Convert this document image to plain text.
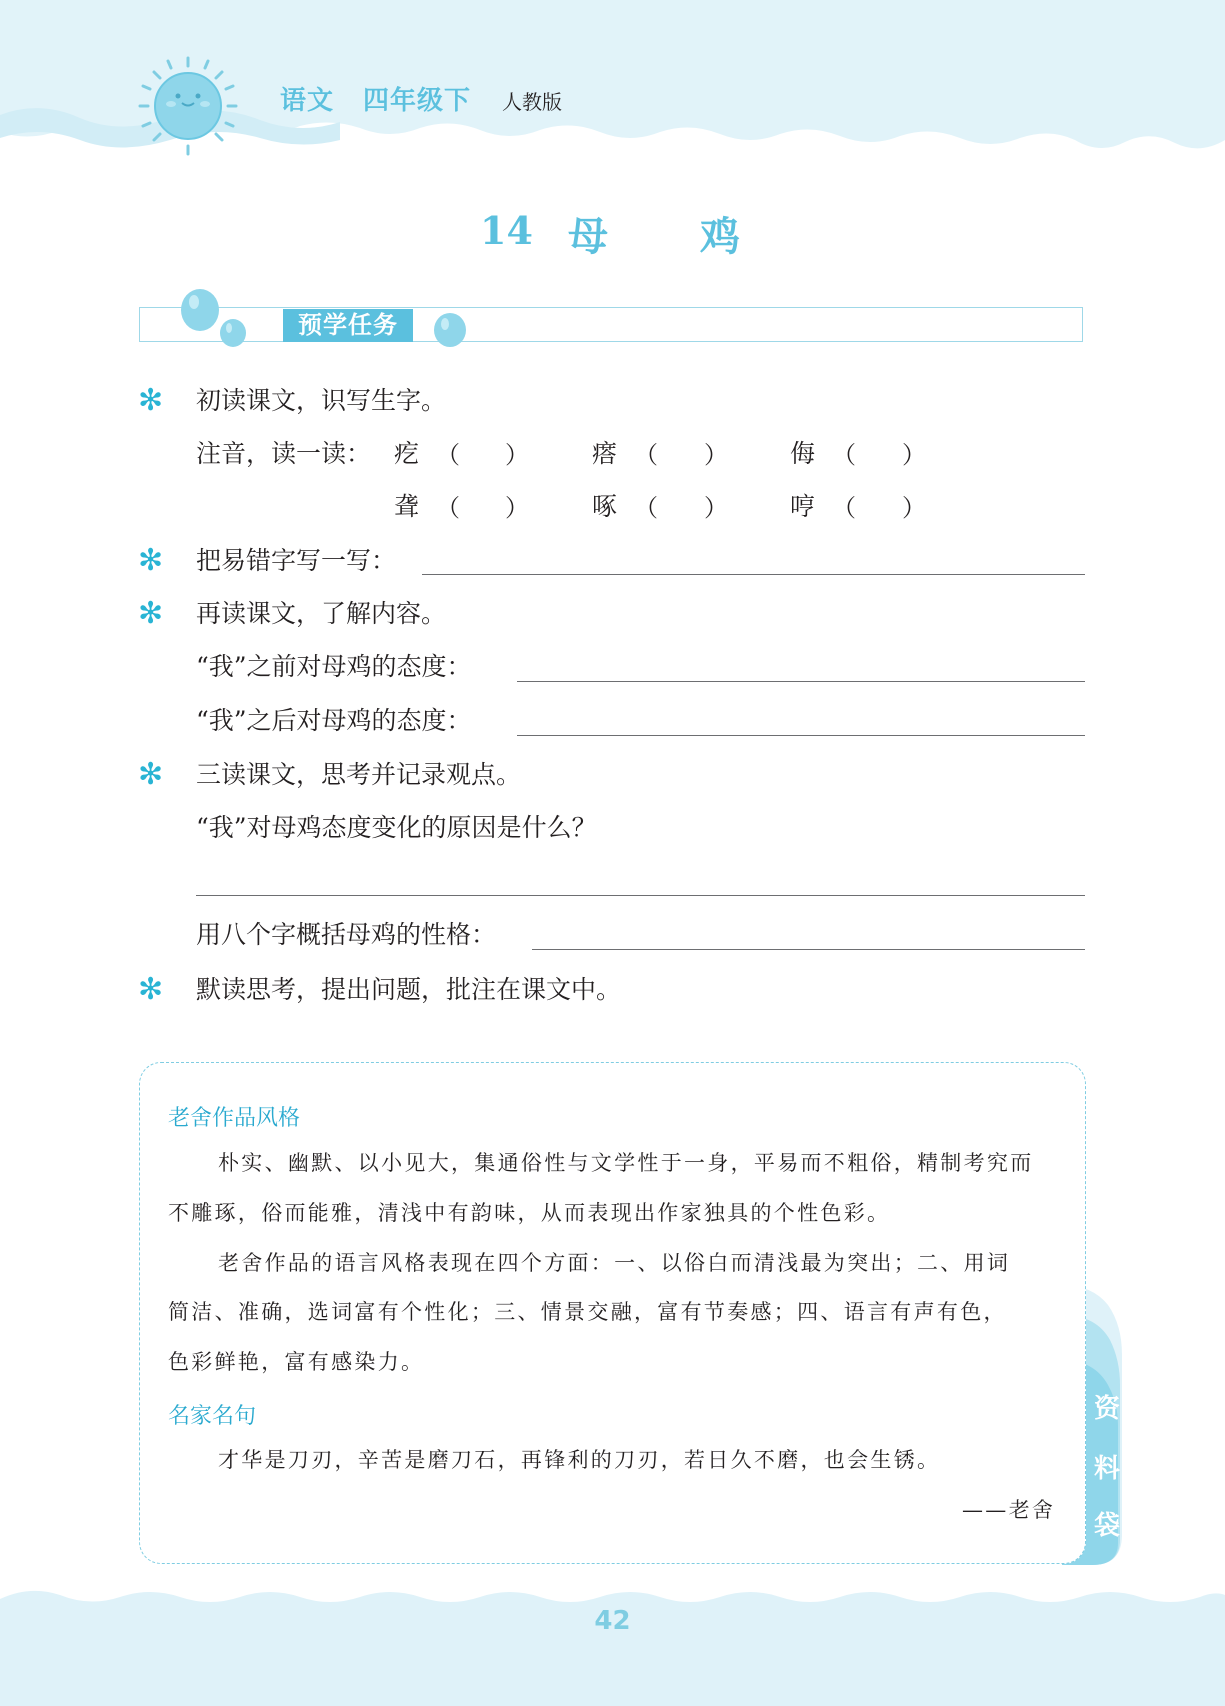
语文 四年级下 人教版
14 母 鸡
预学任务
✻ 初读课文，识写生字。
注音，读一读： 疙 （ ）	瘩 （ ） 侮 （ ）
聋 （ ）	啄 （ ） 哼 （ ）
✻ 把易错字写一写：
✻ 再读课文，了解内容。
“我”之前对母鸡的态度：
“我”之后对母鸡的态度：
✻ 三读课文，思考并记录观点。
“我”对母鸡态度变化的原因是什么？
用八个字概括母鸡的性格：
✻ 默读思考，提出问题，批注在课文中。
老舍作品风格
朴实、幽默、以小见大，集通俗性与文学性于一身，平易而不粗俗，精制考究而
不雕琢，俗而能雅，清浅中有韵味，从而表现出作家独具的个性色彩。
老舍作品的语言风格表现在四个方面：一、以俗白而清浅最为突出；二、用词
简洁、准确，选词富有个性化；三、情景交融，富有节奏感；四、语言有声有色，
色彩鲜艳，富有感染力。
名家名句
才华是刀刃，辛苦是磨刀石，再锋利的刀刃，若日久不磨，也会生锈。
——老舍
资
料
袋
42
